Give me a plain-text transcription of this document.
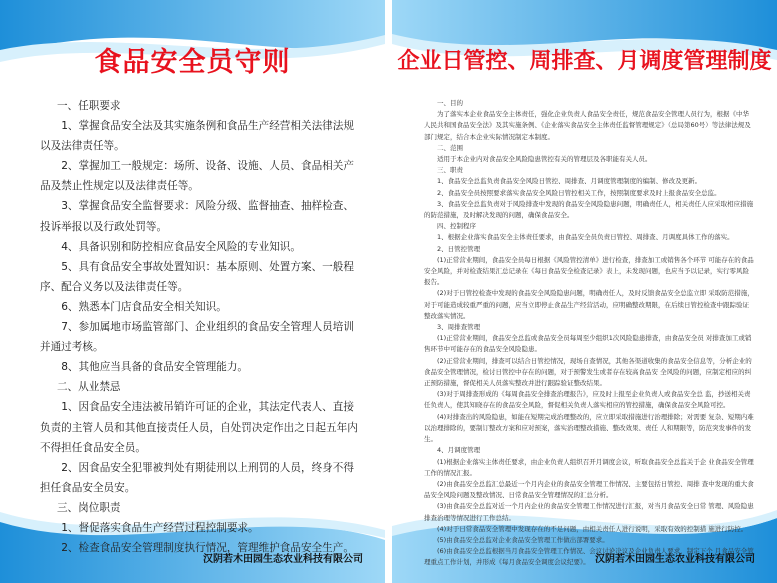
食品安全员守则

一、任职要求

1、掌握食品安全法及其实施条例和食品生产经营相关法律法规以及法律责任等。

2、掌握加工一般规定：场所、设备、设施、人员、食品相关产品及禁止性规定以及法律责任等。

3、掌握食品安全监督要求：风险分级、监督抽查、抽样检查、投诉举报以及行政处罚等。

4、具备识别和防控相应食品安全风险的专业知识。

5、具有食品安全事故处置知识：基本原则、处置方案、一般程序、配合义务以及法律责任等。

6、熟悉本门店食品安全相关知识。

7、参加属地市场监管部门、企业组织的食品安全管理人员培训并通过考核。

8、其他应当具备的食品安全管理能力。

二、从业禁忌

1、因食品安全违法被吊销许可证的企业，其法定代表人、直接负责的主管人员和其他直接责任人员，自处罚决定作出之日起五年内不得担任食品安全员。

2、因食品安全犯罪被判处有期徒刑以上刑罚的人员，终身不得担任食品安全员安。

三、岗位职责

1、督促落实食品生产经营过程控制要求。

2、检查食品安全管理制度执行情况，管理维护食品安全生产。

汉阴若木田园生态农业科技有限公司
企业日管控、周排查、月调度管理制度

一、目的

为了落实本企业食品安全主体责任，强化企业负责人食品安全责任，规范食品安全管理人员行为，根据《中华人民共和国食品安全法》及其实施条例、《企业落实食品安全主体责任监督管理规定》（总局第60号）等法律法规及部门规定，结合本企业实际情况制定本制度。

二、范围

适用于本企业内对食品安全风险隐患管控有关的管理层及各职能有关人员。

三、职责

1、食品安全总监负责食品安全风险日管控、周排查、月调度管理制度的编制、修改及更新。

2、食品安全员按照要求落实食品安全风险日管控相关工作，按照制度要求及时上报食品安全总监。

3、食品安全总监负责对于风险排查中发现的食品安全风险隐患问题，明确责任人，相关责任人应采取相应措施的防范措施，及时解决发现的问题，确保食品安全。

四、控制程序

1、根据企业落实食品安全主体责任要求，由食品安全员负责日管控、周排查、月调度具体工作的落实。

2、日管控管理

(1)正常营业期间，食品安全员每日根据《风险管控清单》进行检查，排查加工或销售各个环节 可能存在的食品安全风险，并对检查结果汇总记录在《每日食品安全检查记录》表上，未发现问题，也应当予以记录，实行零风险报告。

(2)对于日管控检查中发现的食品安全风险隐患问题，明确责任人，及时反馈食品安全总监立即 采取防范措施，对于可能造成较重严重的问题，应当立即停止食品生产经营活动，应明确整改期限，在后续日管控检查中跟踪验证整改落实情况。

3、周排查管理

(1)正常营业期间，食品安全总监或食品安全员每周至少组织1次风险隐患排查，由食品安全员 对排查加工或销售环节中可能存在的食品安全风险隐患。

(2)正常营业期间，排查可以结合日管控情况，现场自查情况，其他各渠道收集的食品安全信息等，分析企业的食品安全管理情况，检讨日管控中存在的问题，对于预警发生或者存在较高食品安 全风险的问题，应制定相应的纠正预防措施，督促相关人员落实整改并进行跟踪验证整改结果。

(3)对于周排查形成的《每周食品安全排查治理报告》，应及时上报至企业负责人或食品安全总 监，抄送相关责任负责人，使其知晓存在的食品安全风险，督促相关负责人落实相应的管控措施，确保食品安全风险可控。

(4)对排查出的风险隐患，如能在短期完成治理整改的，应立即采取措施进行治理排除；对需要 复杂、短期内难以治理排除的，要制订整改方案和应对预案，落实治理整改措施、整改效果、责任 人和期限等，防范突发事件的发生。

4、月调度管理

(1)根据企业落实主体责任要求，由企业负责人组织召开月调度会议，听取食品安全总监关于企 业食品安全管理工作的情况汇报。

(2)由食品安全总监汇总最近一个月内企业的食品安全管理工作情况、主要包括日管控、周排 查中发现的重大食品安全风险问题及整改情况、日常食品安全管理情况的汇总分析。

(3)由食品安全总监对近一个月内企业的食品安全管理工作情况进行汇报，对当月食品安全日常 管理、风险隐患排查治理等情况进行工作总结。

(4)对于日常食品安全管理中发现存在的不足问题，由相关责任人进行说明，采取有效的控制措 施进行防控。

(5)由食品安全总监对企业食品安全管理工作做出部署要求。

(6)由食品安全总监根据当月食品安全管理工作情况、会议讨论决议及企业负责人要求，制定下个 月食品安全管理重点工作计划，并形成《每月食品安全调度会议纪要》。 汉阴若木田园生态农业科技有限公司
